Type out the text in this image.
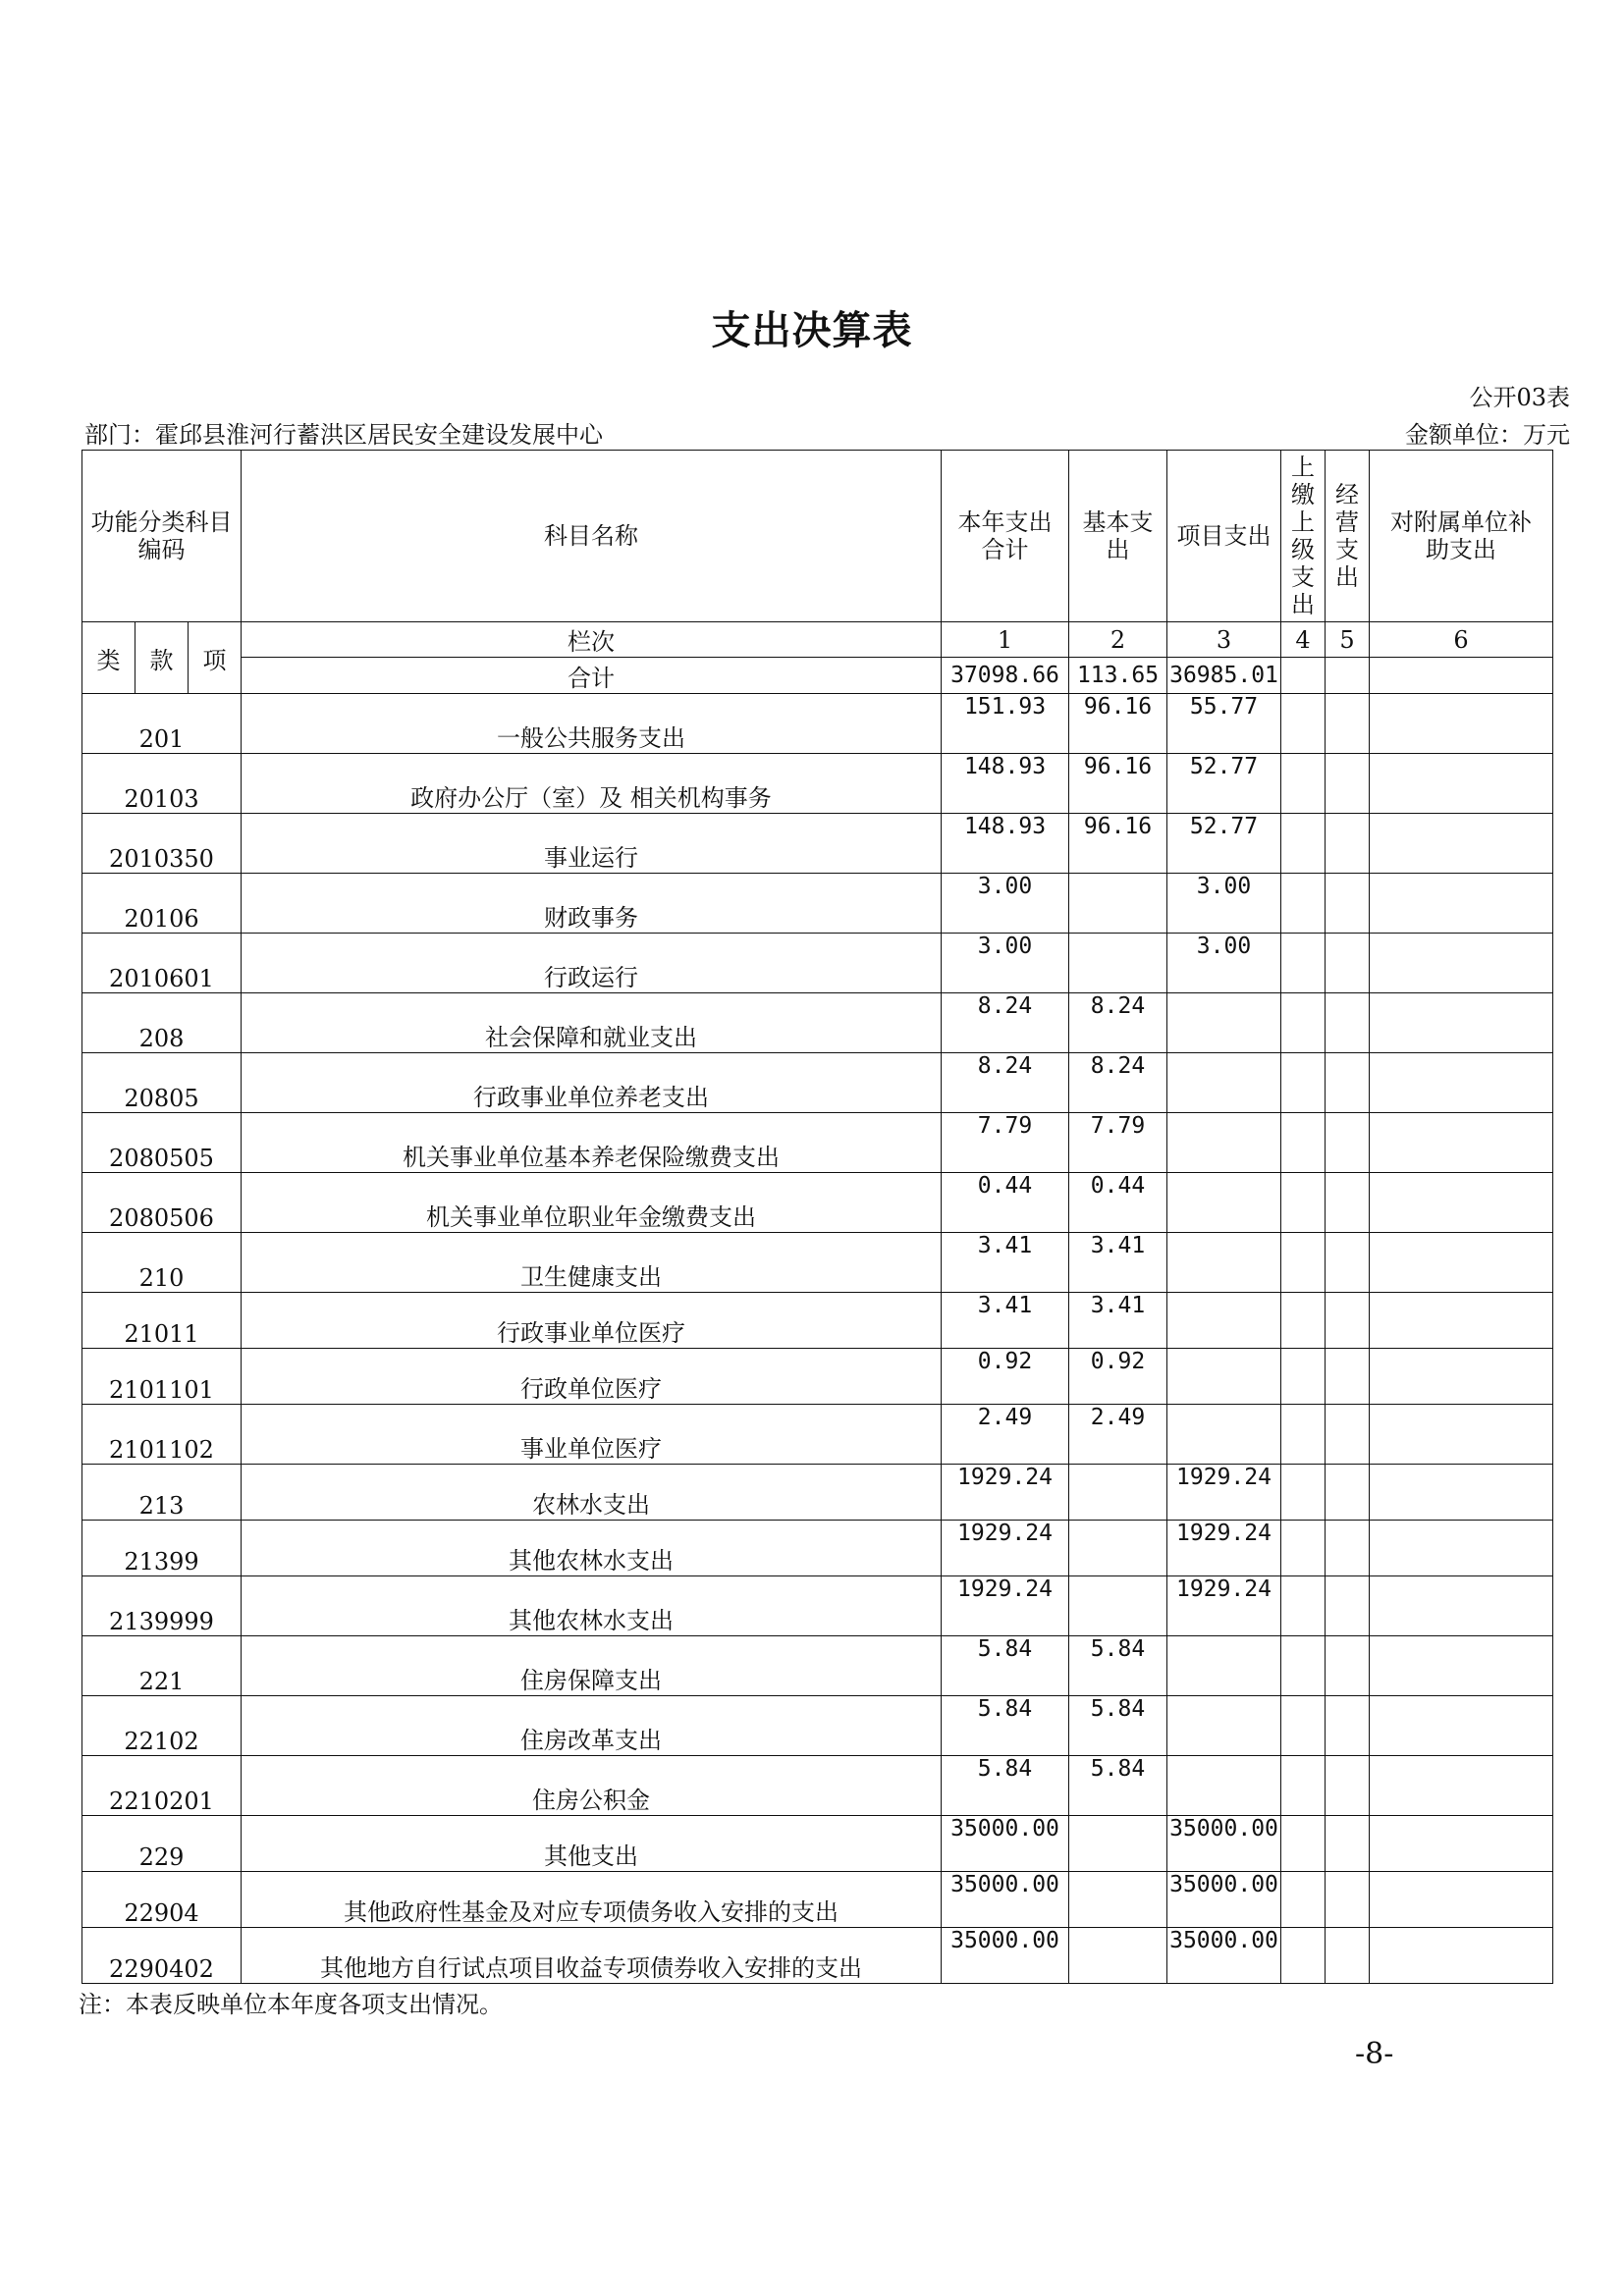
支出决算表
公开03表
部门：霍邱县淮河行蓄洪区居民安全建设发展中心	金额单位：万元
功能分类科目编码			科目名称	本年支出合计	基本支出	项目支出	上缴上级支出	经营支出	对附属单位补助支出
类	款	项	栏次	1	2	3	4	5	6
			合计	37098.66	113.65	36985.01			
201			一般公共服务支出	151.93	96.16	55.77			
20103			政府办公厅（室）及 相关机构事务	148.93	96.16	52.77			
2010350			事业运行	148.93	96.16	52.77			
20106			财政事务	3.00		3.00			
2010601			行政运行	3.00		3.00			
208			社会保障和就业支出	8.24	8.24				
20805			行政事业单位养老支出	8.24	8.24				
2080505			机关事业单位基本养老保险缴费支出	7.79	7.79				
2080506			机关事业单位职业年金缴费支出	0.44	0.44				
210			卫生健康支出	3.41	3.41				
21011			行政事业单位医疗	3.41	3.41				
2101101			行政单位医疗	0.92	0.92				
2101102			事业单位医疗	2.49	2.49				
213			农林水支出	1929.24		1929.24			
21399			其他农林水支出	1929.24		1929.24			
2139999			其他农林水支出	1929.24		1929.24			
221			住房保障支出	5.84	5.84				
22102			住房改革支出	5.84	5.84				
2210201			住房公积金	5.84	5.84				
229			其他支出	35000.00		35000.00			
22904			其他政府性基金及对应专项债务收入安排的支出	35000.00		35000.00			
2290402			其他地方自行试点项目收益专项债券收入安排的支出	35000.00		35000.00			
注：本表反映单位本年度各项支出情况。
-8-
